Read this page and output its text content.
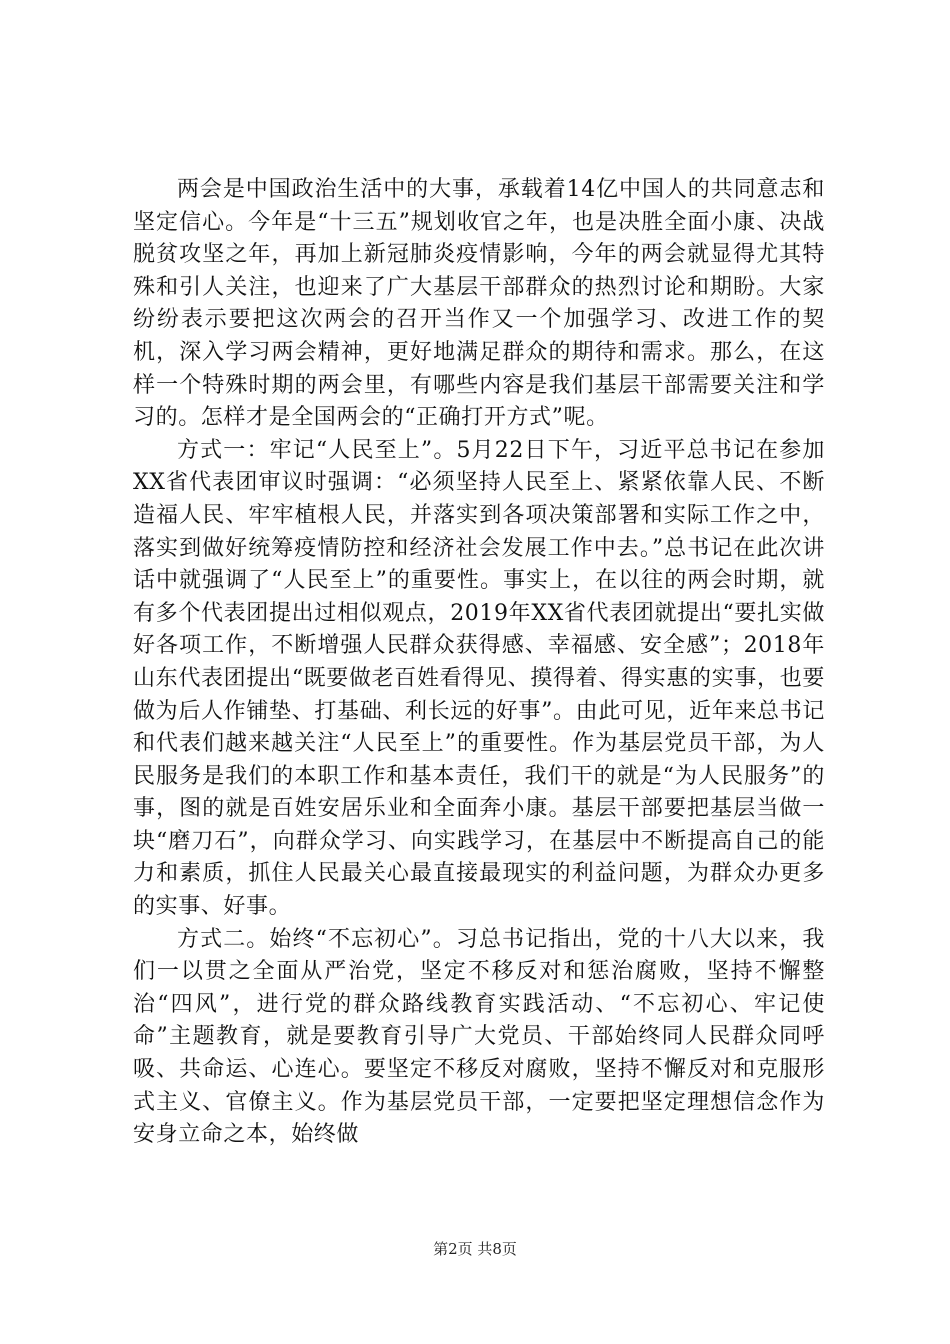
两会是中国政治生活中的大事，承载着14亿中国人的共同意志和坚定信心。今年是“十三五”规划收官之年，也是决胜全面小康、决战脱贫攻坚之年，再加上新冠肺炎疫情影响，今年的两会就显得尤其特殊和引人关注，也迎来了广大基层干部群众的热烈讨论和期盼。大家纷纷表示要把这次两会的召开当作又一个加强学习、改进工作的契机，深入学习两会精神，更好地满足群众的期待和需求。那么，在这样一个特殊时期的两会里，有哪些内容是我们基层干部需要关注和学习的。怎样才是全国两会的“正确打开方式”呢。

方式一：牢记“人民至上”。5月22日下午，习近平总书记在参加XX省代表团审议时强调：“必须坚持人民至上、紧紧依靠人民、不断造福人民、牢牢植根人民，并落实到各项决策部署和实际工作之中，落实到做好统筹疫情防控和经济社会发展工作中去。”总书记在此次讲话中就强调了“人民至上”的重要性。事实上，在以往的两会时期，就有多个代表团提出过相似观点，2019年XX省代表团就提出“要扎实做好各项工作，不断增强人民群众获得感、幸福感、安全感”；2018年山东代表团提出“既要做老百姓看得见、摸得着、得实惠的实事，也要做为后人作铺垫、打基础、利长远的好事”。由此可见，近年来总书记和代表们越来越关注“人民至上”的重要性。作为基层党员干部，为人民服务是我们的本职工作和基本责任，我们干的就是“为人民服务”的事，图的就是百姓安居乐业和全面奔小康。基层干部要把基层当做一块“磨刀石”，向群众学习、向实践学习，在基层中不断提高自己的能力和素质，抓住人民最关心最直接最现实的利益问题，为群众办更多的实事、好事。

方式二。始终“不忘初心”。习总书记指出，党的十八大以来，我们一以贯之全面从严治党，坚定不移反对和惩治腐败，坚持不懈整治“四风”，进行党的群众路线教育实践活动、“不忘初心、牢记使命”主题教育，就是要教育引导广大党员、干部始终同人民群众同呼吸、共命运、心连心。要坚定不移反对腐败，坚持不懈反对和克服形式主义、官僚主义。作为基层党员干部，一定要把坚定理想信念作为安身立命之本，始终做

第2页 共8页
